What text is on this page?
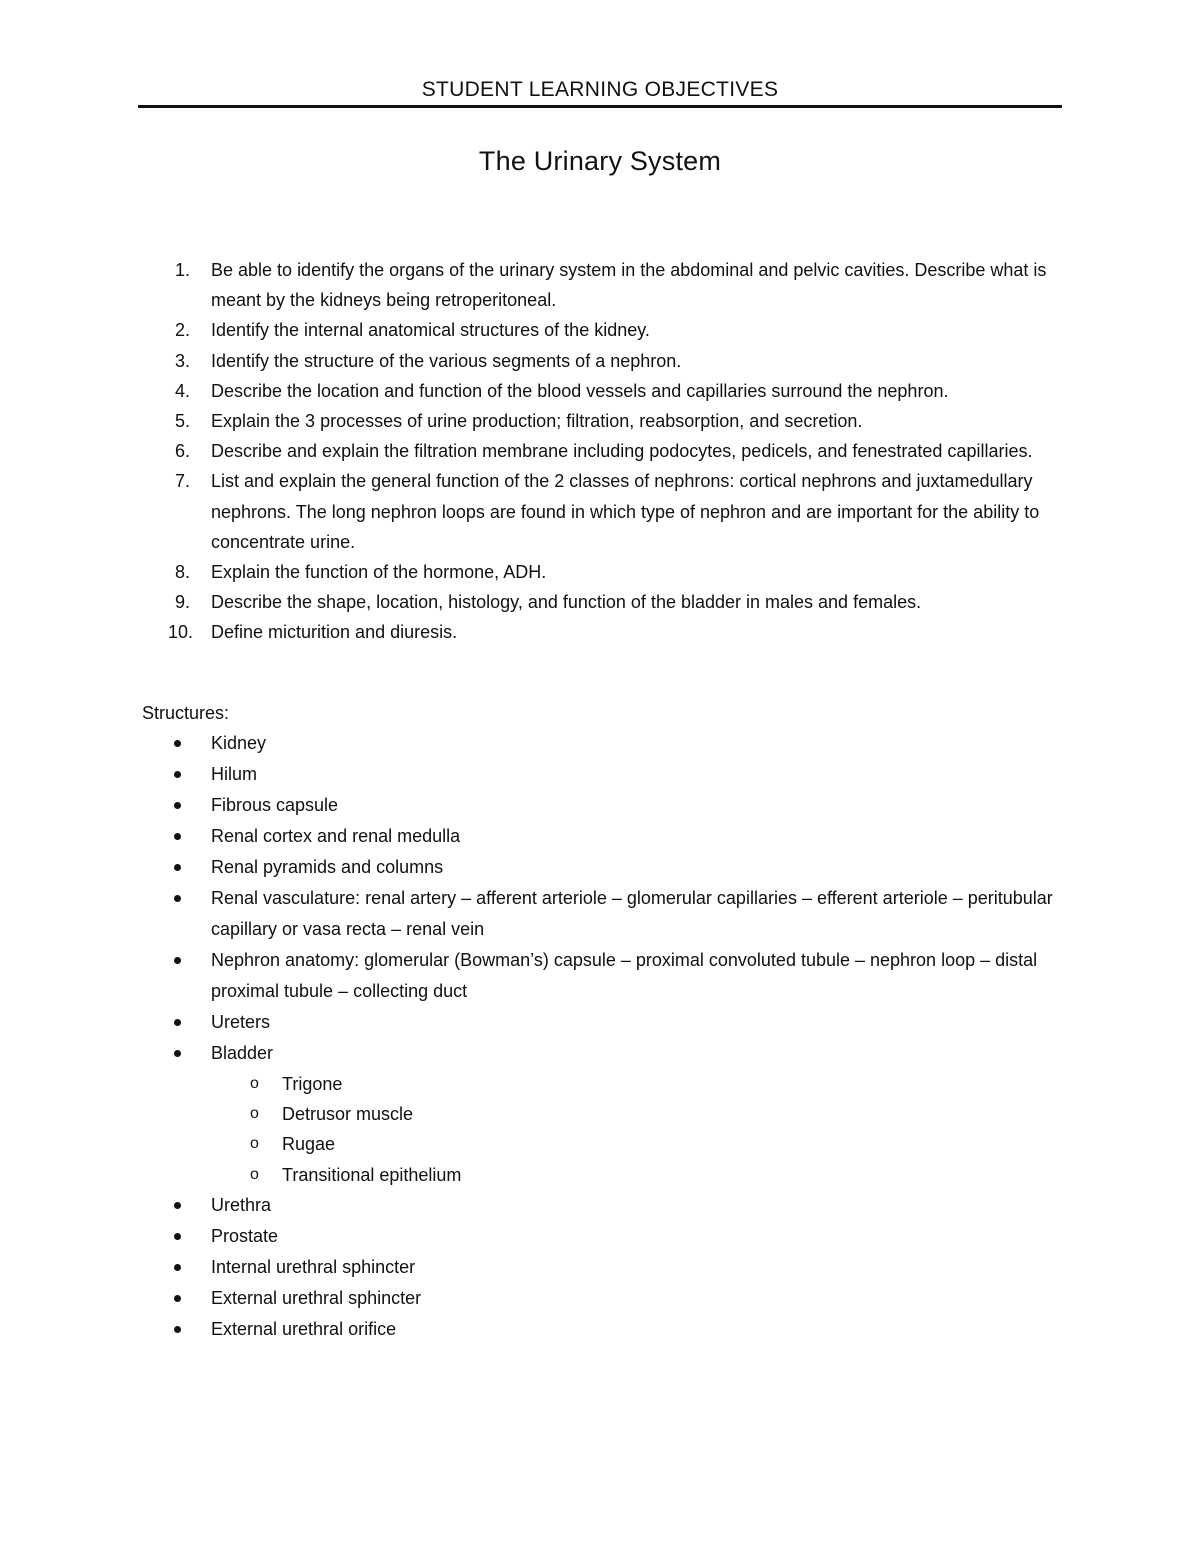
STUDENT LEARNING OBJECTIVES
The Urinary System
1.	Be able to identify the organs of the urinary system in the abdominal and pelvic cavities. Describe what is meant by the kidneys being retroperitoneal.
2.	Identify the internal anatomical structures of the kidney.
3.	Identify the structure of the various segments of a nephron.
4.	Describe the location and function of the blood vessels and capillaries surround the nephron.
5.	Explain the 3 processes of urine production; filtration, reabsorption, and secretion.
6.	Describe and explain the filtration membrane including podocytes, pedicels, and fenestrated capillaries.
7.	List and explain the general function of the 2 classes of nephrons: cortical nephrons and juxtamedullary nephrons. The long nephron loops are found in which type of nephron and are important for the ability to concentrate urine.
8.	Explain the function of the hormone, ADH.
9.	Describe the shape, location, histology, and function of the bladder in males and females.
10. Define micturition and diuresis.
Structures:
Kidney
Hilum
Fibrous capsule
Renal cortex and renal medulla
Renal pyramids and columns
Renal vasculature: renal artery – afferent arteriole – glomerular capillaries – efferent arteriole – peritubular capillary or vasa recta – renal vein
Nephron anatomy: glomerular (Bowman’s) capsule – proximal convoluted tubule – nephron loop – distal proximal tubule – collecting duct
Ureters
Bladder
o Trigone
o Detrusor muscle
o Rugae
o Transitional epithelium
Urethra
Prostate
Internal urethral sphincter
External urethral sphincter
External urethral orifice
